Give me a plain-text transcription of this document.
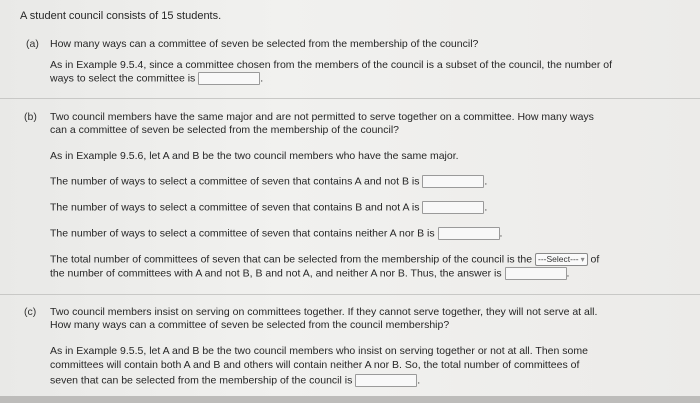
A student council consists of 15 students.
(a) How many ways can a committee of seven be selected from the membership of the council?
As in Example 9.5.4, since a committee chosen from the members of the council is a subset of the council, the number of
ways to select the committee is	.
(b) Two council members have the same major and are not permitted to serve together on a committee. How many ways
can a committee of seven be selected from the membership of the council?
As in Example 9.5.6, let A and B be the two council members who have the same major.
The number of ways to select a committee of seven that contains A and not B is	.
The number of ways to select a committee of seven that contains B and not A is	.
The number of ways to select a committee of seven that contains neither A nor B is	.
The total number of committees of seven that can be selected from the membership of the council is the ---Select--- ▾ of
the number of committees with A and not B, B and not A, and neither A nor B. Thus, the answer is	.
(c) Two council members insist on serving on committees together. If they cannot serve together, they will not serve at all.
How many ways can a committee of seven be selected from the council membership?
As in Example 9.5.5, let A and B be the two council members who insist on serving together or not at all. Then some
committees will contain both A and B and others will contain neither A nor B. So, the total number of committees of
seven that can be selected from the membership of the council is	.
